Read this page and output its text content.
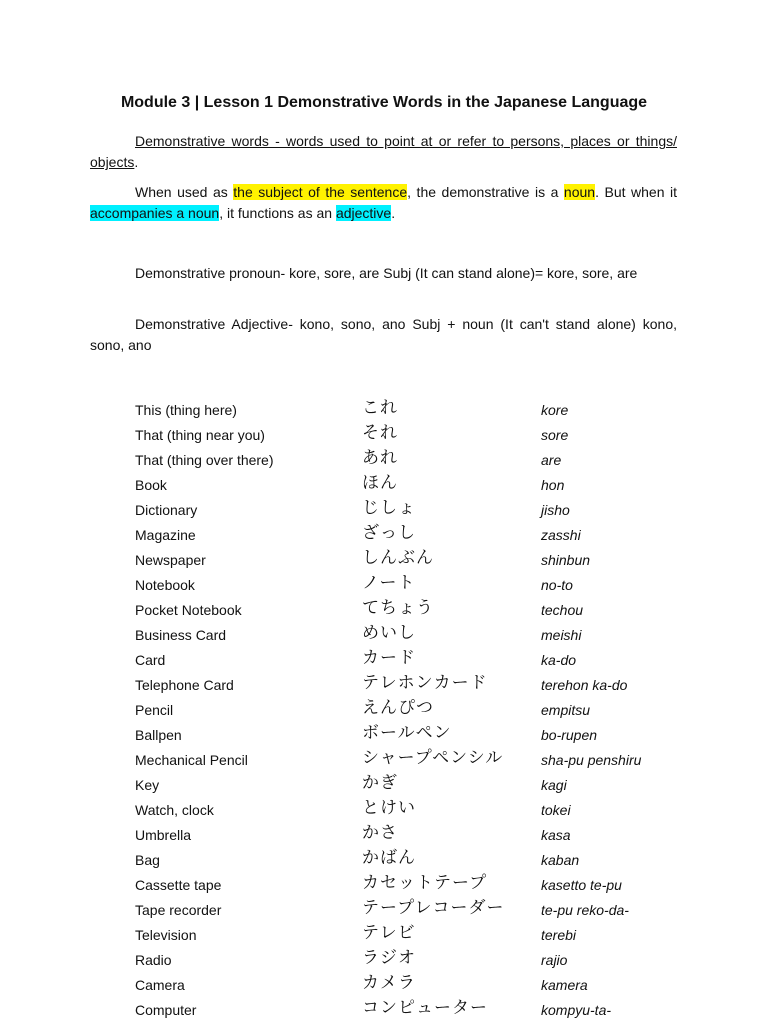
Module 3 | Lesson 1 Demonstrative Words in the Japanese Language
Demonstrative words - words used to point at or refer to persons, places or things/ objects.
When used as the subject of the sentence, the demonstrative is a noun. But when it accompanies a noun, it functions as an adjective.
Demonstrative pronoun- kore, sore, are Subj (It can stand alone)= kore, sore, are
Demonstrative Adjective- kono, sono, ano Subj + noun (It can't stand alone) kono, sono, ano
This (thing here)	これ	kore
That (thing near you)	それ	sore
That (thing over there)	あれ	are
Book	ほん	hon
Dictionary	じしょ	jisho
Magazine	ざっし	zasshi
Newspaper	しんぶん	shinbun
Notebook	ノート	no-to
Pocket Notebook	てちょう	techou
Business Card	めいし	meishi
Card	カード	ka-do
Telephone Card	テレホンカード	terehon ka-do
Pencil	えんぴつ	empitsu
Ballpen	ボールペン	bo-rupen
Mechanical Pencil	シャープペンシル	sha-pu penshiru
Key	かぎ	kagi
Watch, clock	とけい	tokei
Umbrella	かさ	kasa
Bag	かばん	kaban
Cassette tape	カセットテープ	kasetto te-pu
Tape recorder	テープレコーダー	te-pu reko-da-
Television	テレビ	terebi
Radio	ラジオ	rajio
Camera	カメラ	kamera
Computer	コンピューター	kompyu-ta-
